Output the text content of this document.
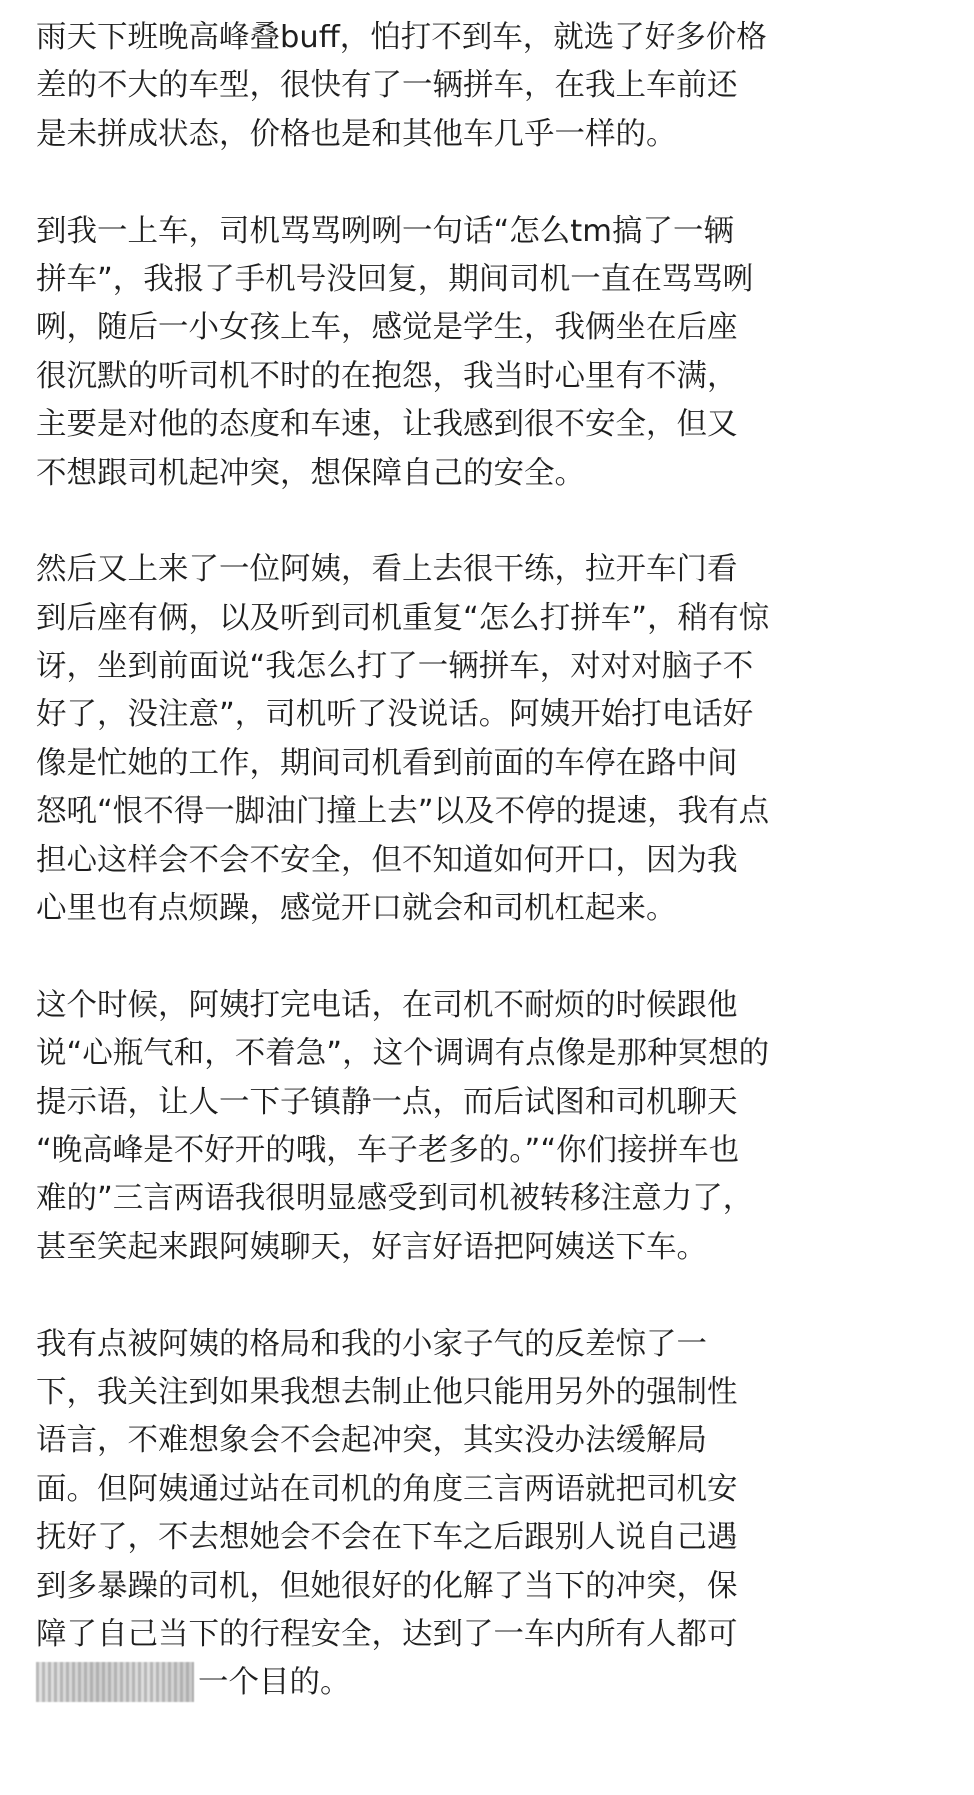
雨天下班晚高峰叠buff，怕打不到车，就选了好多价格
差的不大的车型，很快有了一辆拼车，在我上车前还
是未拼成状态，价格也是和其他车几乎一样的。
到我一上车，司机骂骂咧咧一句话“怎么tm搞了一辆
拼车”，我报了手机号没回复，期间司机一直在骂骂咧
咧，随后一小女孩上车，感觉是学生，我俩坐在后座
很沉默的听司机不时的在抱怨，我当时心里有不满，
主要是对他的态度和车速，让我感到很不安全，但又
不想跟司机起冲突，想保障自己的安全。
然后又上来了一位阿姨，看上去很干练，拉开车门看
到后座有俩，以及听到司机重复“怎么打拼车”，稍有惊
讶，坐到前面说“我怎么打了一辆拼车，对对对脑子不
好了，没注意”，司机听了没说话。阿姨开始打电话好
像是忙她的工作，期间司机看到前面的车停在路中间
怒吼“恨不得一脚油门撞上去”以及不停的提速，我有点
担心这样会不会不安全，但不知道如何开口，因为我
心里也有点烦躁，感觉开口就会和司机杠起来。
这个时候，阿姨打完电话，在司机不耐烦的时候跟他
说“心瓶气和，不着急”，这个调调有点像是那种冥想的
提示语，让人一下子镇静一点，而后试图和司机聊天
“晚高峰是不好开的哦，车子老多的。”“你们接拼车也
难的”三言两语我很明显感受到司机被转移注意力了，
甚至笑起来跟阿姨聊天，好言好语把阿姨送下车。
我有点被阿姨的格局和我的小家子气的反差惊了一
下，我关注到如果我想去制止他只能用另外的强制性
语言，不难想象会不会起冲突，其实没办法缓解局
面。但阿姨通过站在司机的角度三言两语就把司机安
抚好了，不去想她会不会在下车之后跟别人说自己遇
到多暴躁的司机，但她很好的化解了当下的冲突，保
障了自己当下的行程安全，达到了一车内所有人都可
一个目的。
